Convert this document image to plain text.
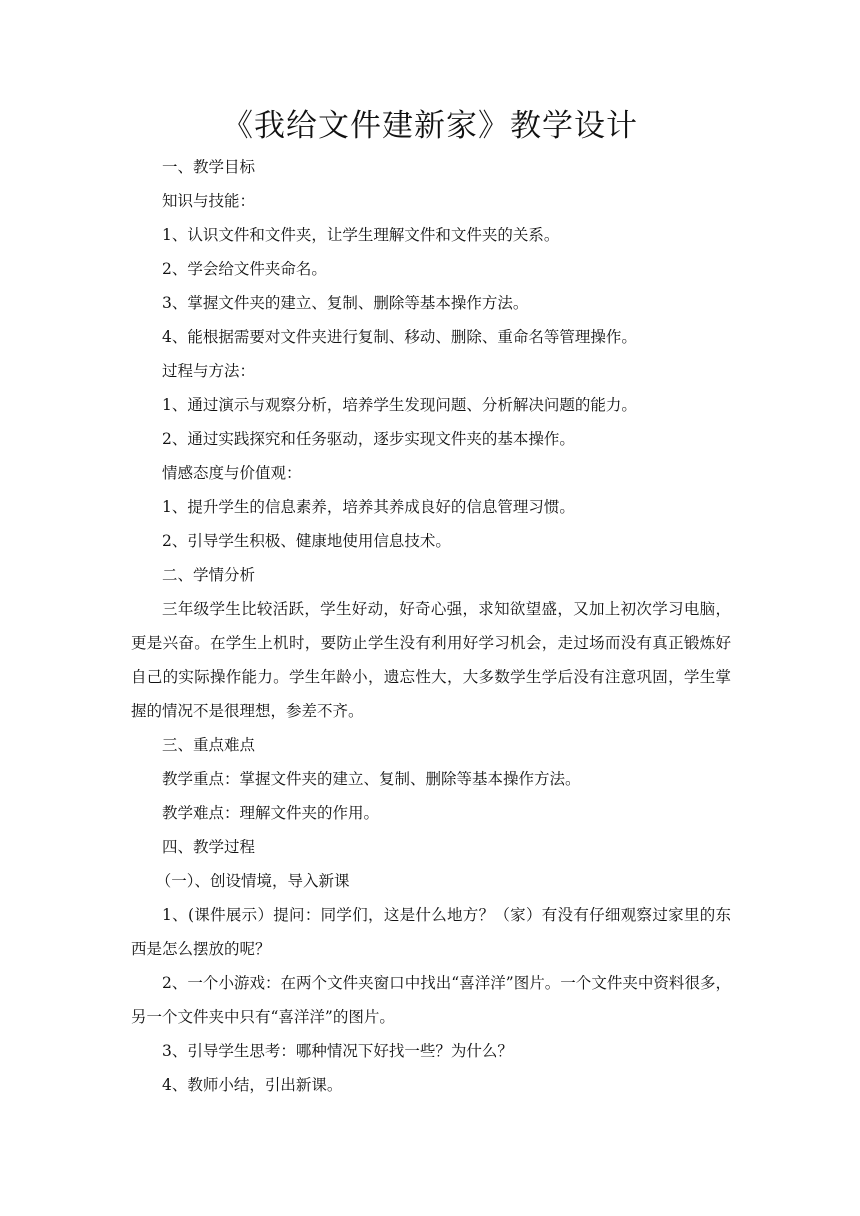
《我给文件建新家》教学设计

一、教学目标

知识与技能：

1、认识文件和文件夹，让学生理解文件和文件夹的关系。

2、学会给文件夹命名。

3、掌握文件夹的建立、复制、删除等基本操作方法。

4、能根据需要对文件夹进行复制、移动、删除、重命名等管理操作。

过程与方法：

1、通过演示与观察分析，培养学生发现问题、分析解决问题的能力。

2、通过实践探究和任务驱动，逐步实现文件夹的基本操作。

情感态度与价值观：

1、提升学生的信息素养，培养其养成良好的信息管理习惯。

2、引导学生积极、健康地使用信息技术。

二、学情分析

三年级学生比较活跃，学生好动，好奇心强，求知欲望盛，又加上初次学习电脑，更是兴奋。在学生上机时，要防止学生没有利用好学习机会，走过场而没有真正锻炼好自己的实际操作能力。学生年龄小，遗忘性大，大多数学生学后没有注意巩固，学生掌握的情况不是很理想，参差不齐。

三、重点难点

教学重点：掌握文件夹的建立、复制、删除等基本操作方法。

教学难点：理解文件夹的作用。

四、教学过程

（一）、创设情境，导入新课

1、(课件展示）提问：同学们，这是什么地方？（家）有没有仔细观察过家里的东西是怎么摆放的呢？

2、一个小游戏：在两个文件夹窗口中找出“喜洋洋”图片。一个文件夹中资料很多，另一个文件夹中只有“喜洋洋”的图片。

3、引导学生思考：哪种情况下好找一些？为什么？

4、教师小结，引出新课。
